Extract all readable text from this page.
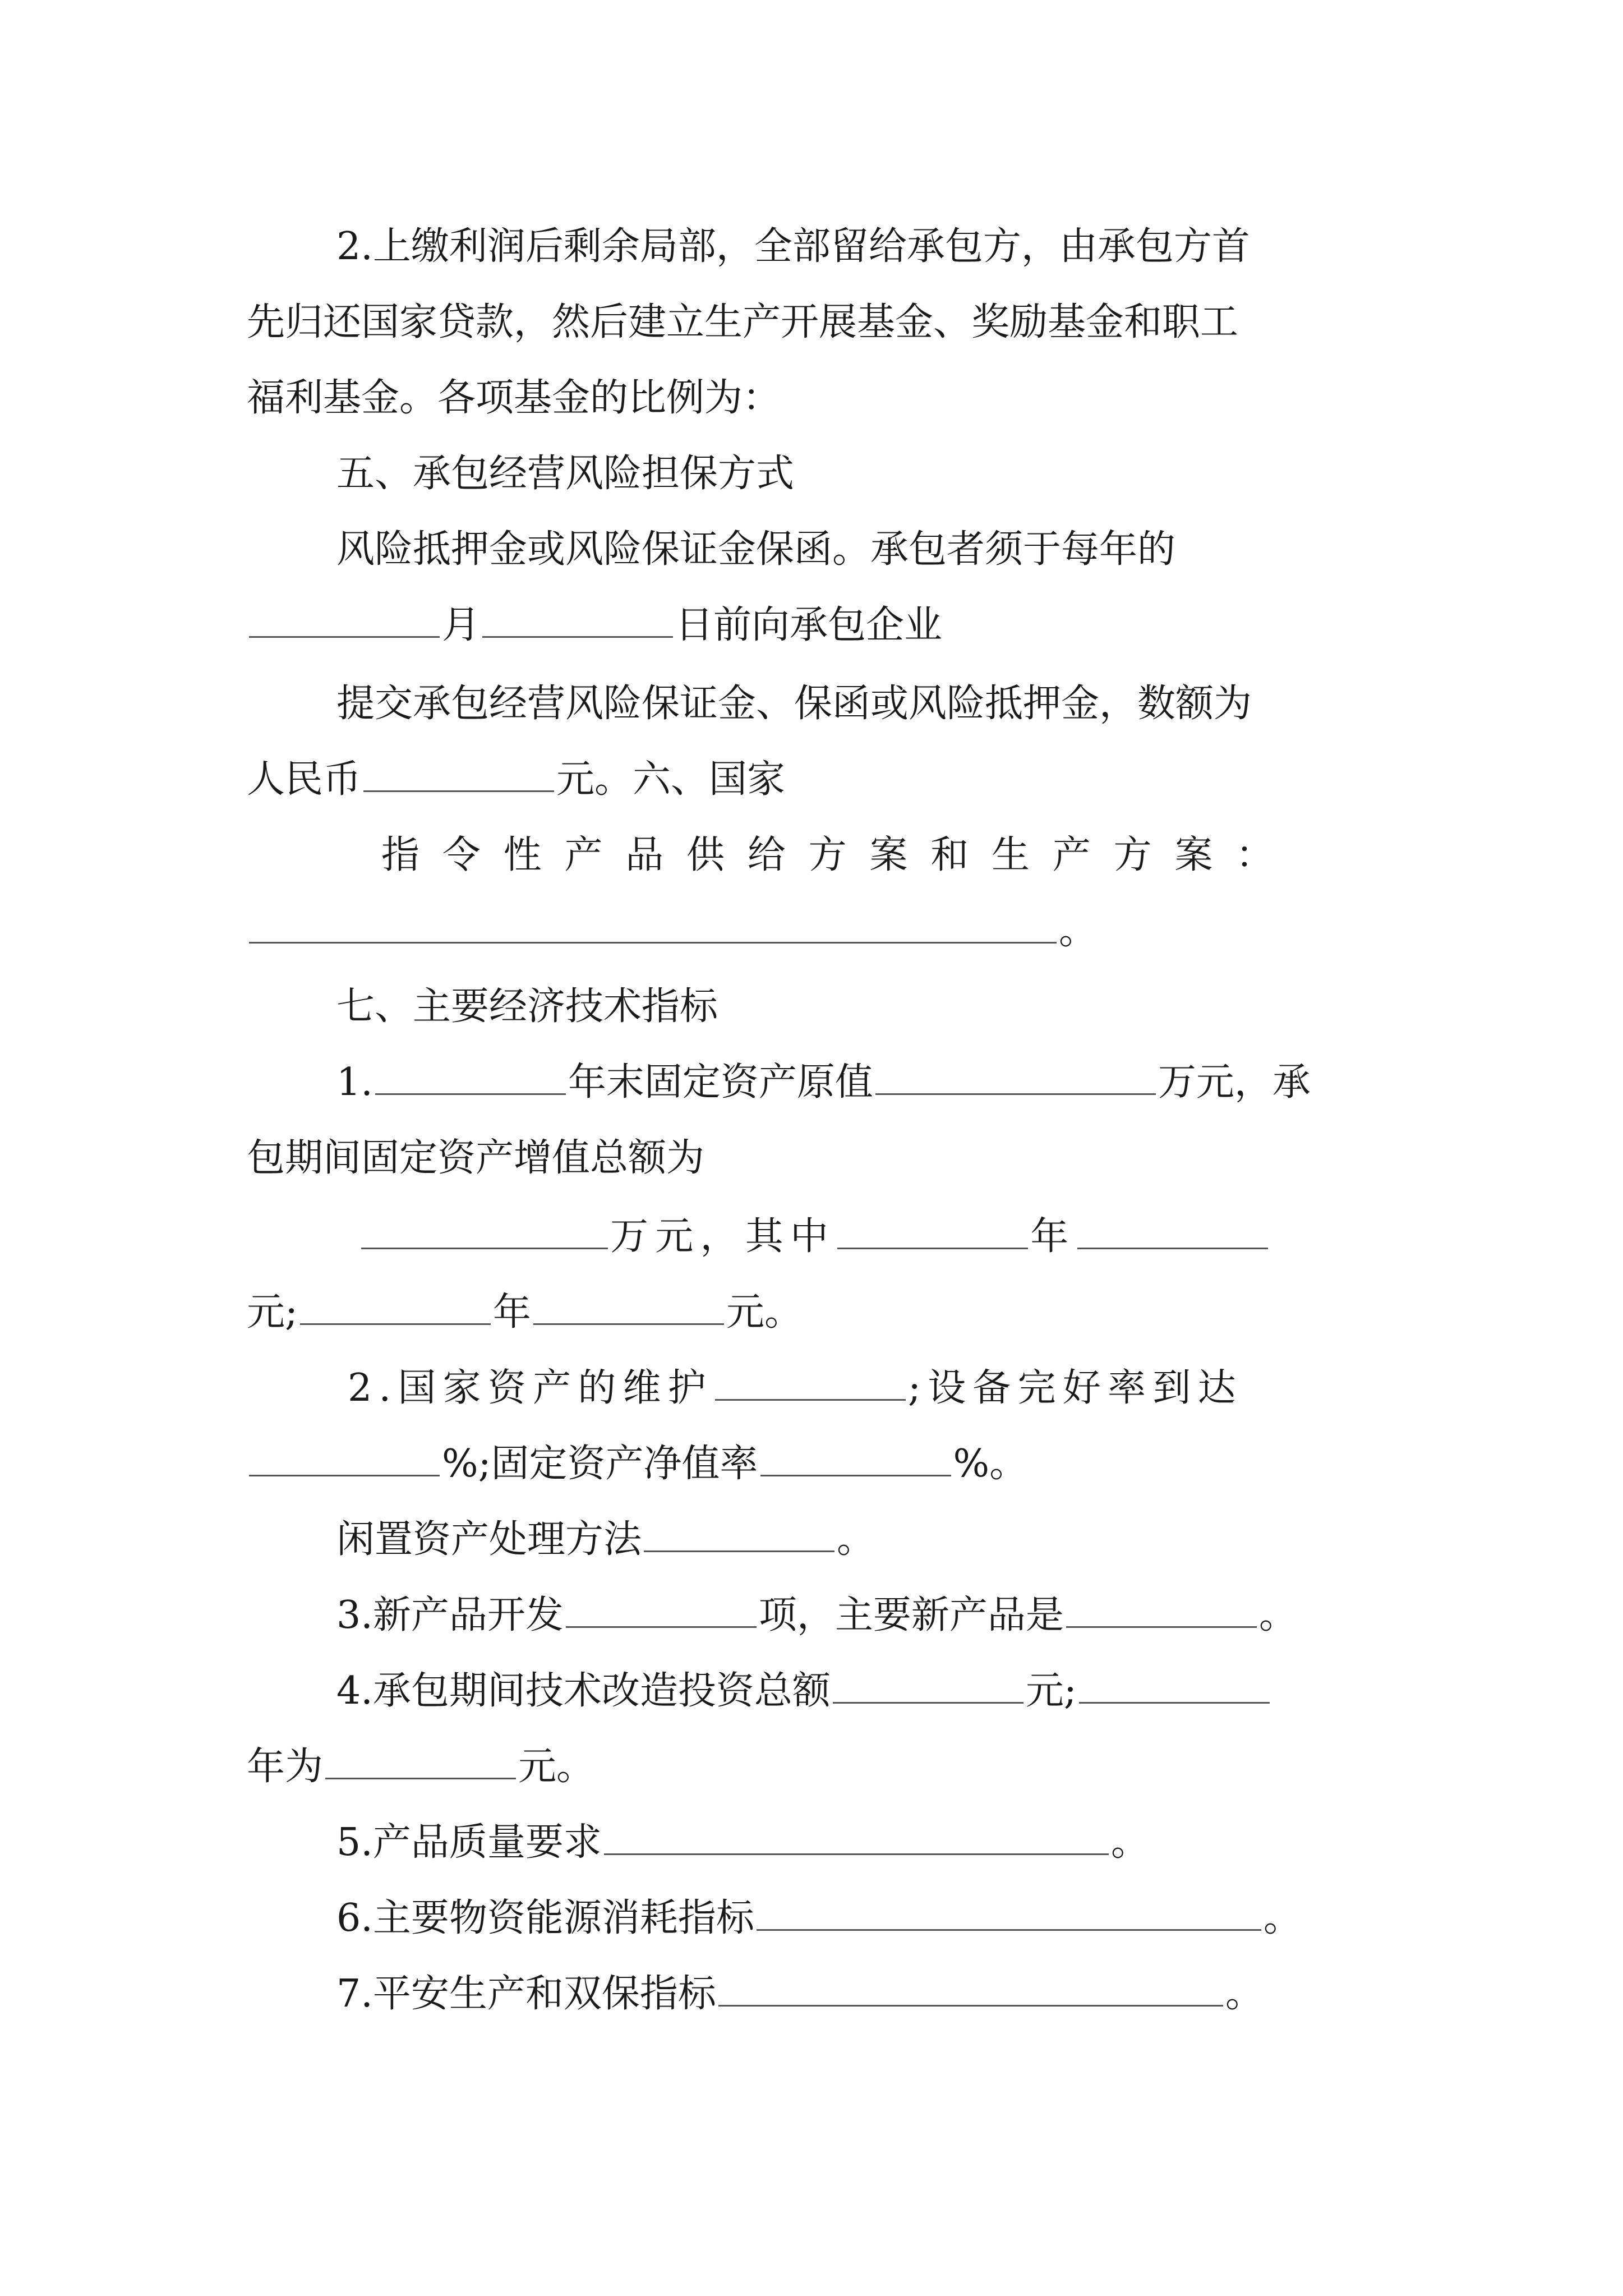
2.上缴利润后剩余局部，全部留给承包方，由承包方首
先归还国家贷款，然后建立生产开展基金、奖励基金和职工
福利基金。各项基金的比例为：
五、承包经营风险担保方式
风险抵押金或风险保证金保函。承包者须于每年的
月	日前向承包企业
提交承包经营风险保证金、保函或风险抵押金，数额为
人民币	元。六、国家
指令性产品供给方案和生产方案：
。
七、主要经济技术指标
1.	年末固定资产原值	万元，承
包期间固定资产增值总额为
万元，其中	年
元;	年	元。
2.国家资产的维护	;设备完好率到达
%;固定资产净值率	%。
闲置资产处理方法	。
3.新产品开发	项，主要新产品是	。
4.承包期间技术改造投资总额	元;
年为	元。
5.产品质量要求	。
6.主要物资能源消耗指标	。
7.平安生产和双保指标	。
